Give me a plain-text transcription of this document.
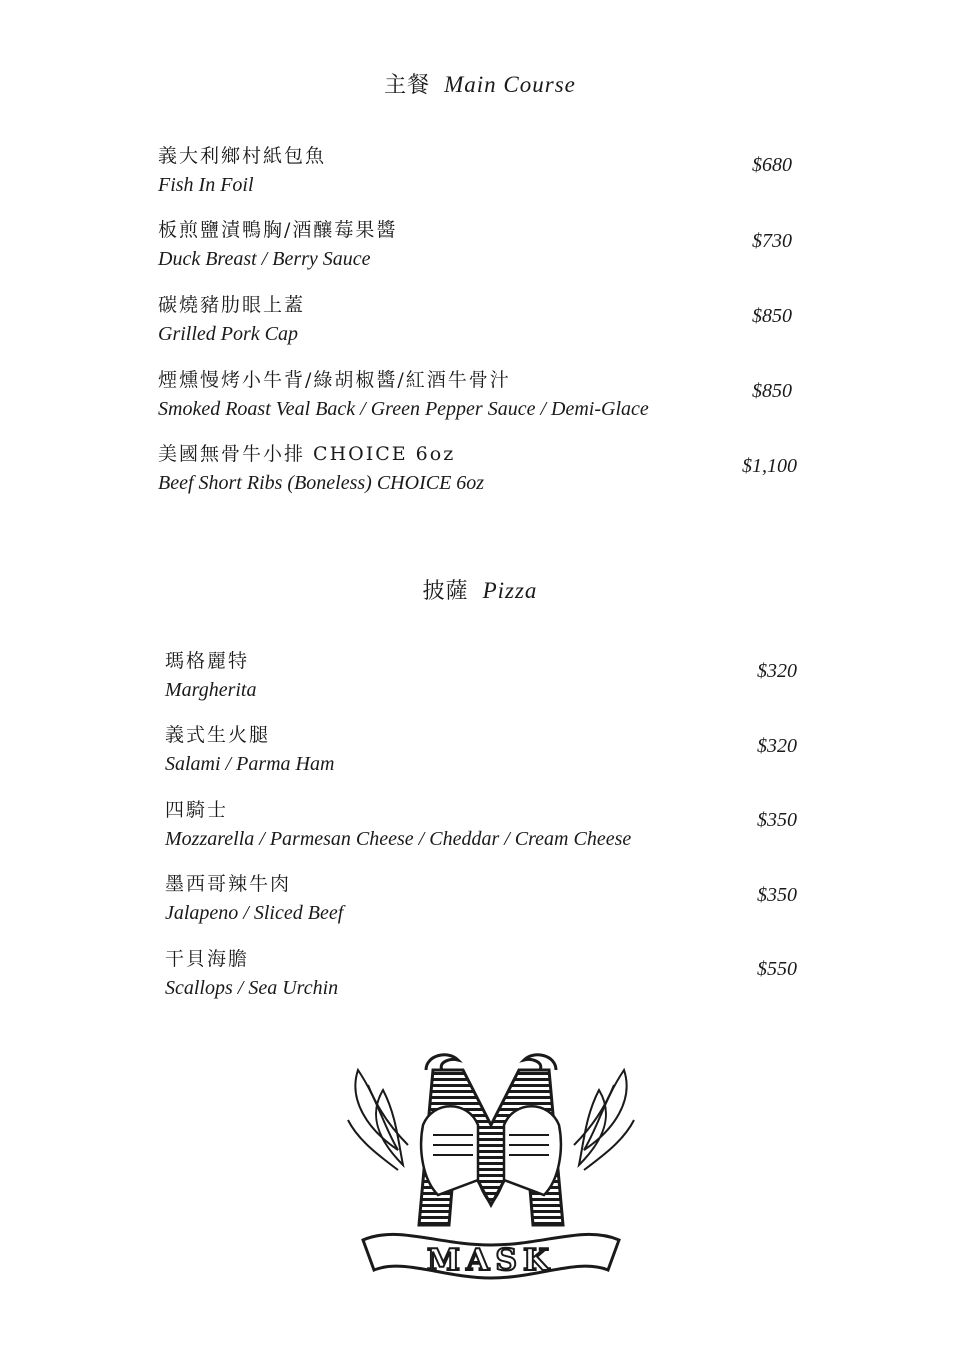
主餐 Main Course
義大利鄉村紙包魚
Fish In Foil
$680
板煎鹽漬鴨胸/酒釀莓果醬
Duck Breast / Berry Sauce
$730
碳燒豬肋眼上蓋
Grilled Pork Cap
$850
煙燻慢烤小牛背/綠胡椒醬/紅酒牛骨汁
Smoked Roast Veal Back / Green Pepper Sauce / Demi-Glace
$850
美國無骨牛小排 CHOICE 6oz
Beef Short Ribs (Boneless) CHOICE 6oz
$1,100
披薩 Pizza
瑪格麗特
Margherita
$320
義式生火腿
Salami / Parma Ham
$320
四騎士
Mozzarella / Parmesan Cheese / Cheddar / Cream Cheese
$350
墨西哥辣牛肉
Jalapeno / Sliced Beef
$350
干貝海膽
Scallops / Sea Urchin
$550
MASK
